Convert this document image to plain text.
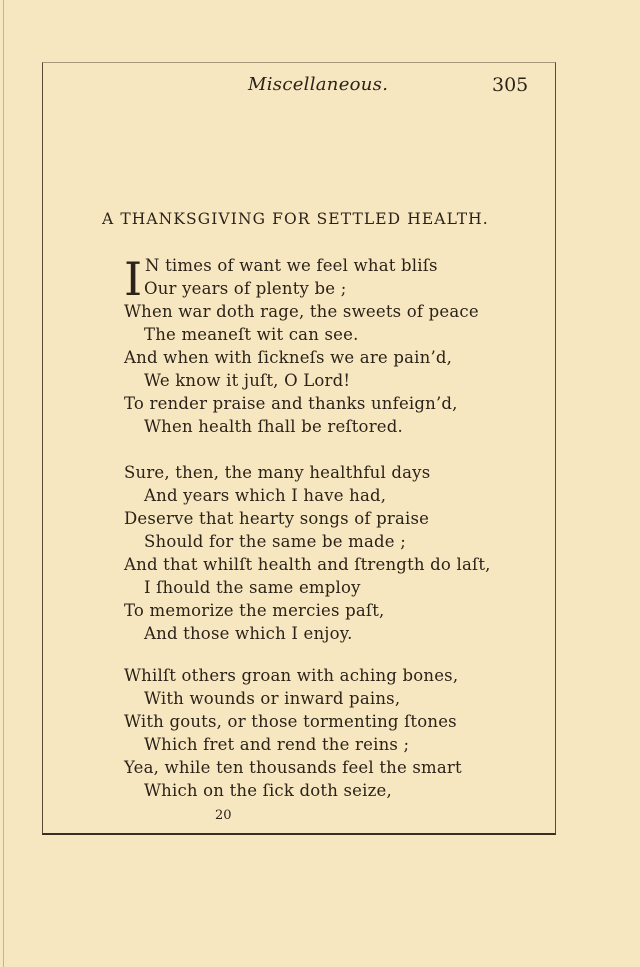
Miscellaneous.	305
A THANKSGIVING FOR SETTLED HEALTH.
I N times of want we feel what bliſs
Our years of plenty be ;
When war doth rage, the sweets of peace
The meaneſt wit can see.
And when with ſickneſs we are pain’d,
We know it juſt, O Lord!
To render praise and thanks unfeign’d,
When health ſhall be reſtored.
Sure, then, the many healthful days
And years which I have had,
Deserve that hearty songs of praise
Should for the same be made ;
And that whilſt health and ſtrength do laſt,
I ſhould the same employ
To memorize the mercies paſt,
And those which I enjoy.
Whilſt others groan with aching bones,
With wounds or inward pains,
With gouts, or those tormenting ſtones
Which fret and rend the reins ;
Yea, while ten thousands feel the smart
Which on the ſick doth seize,
20
